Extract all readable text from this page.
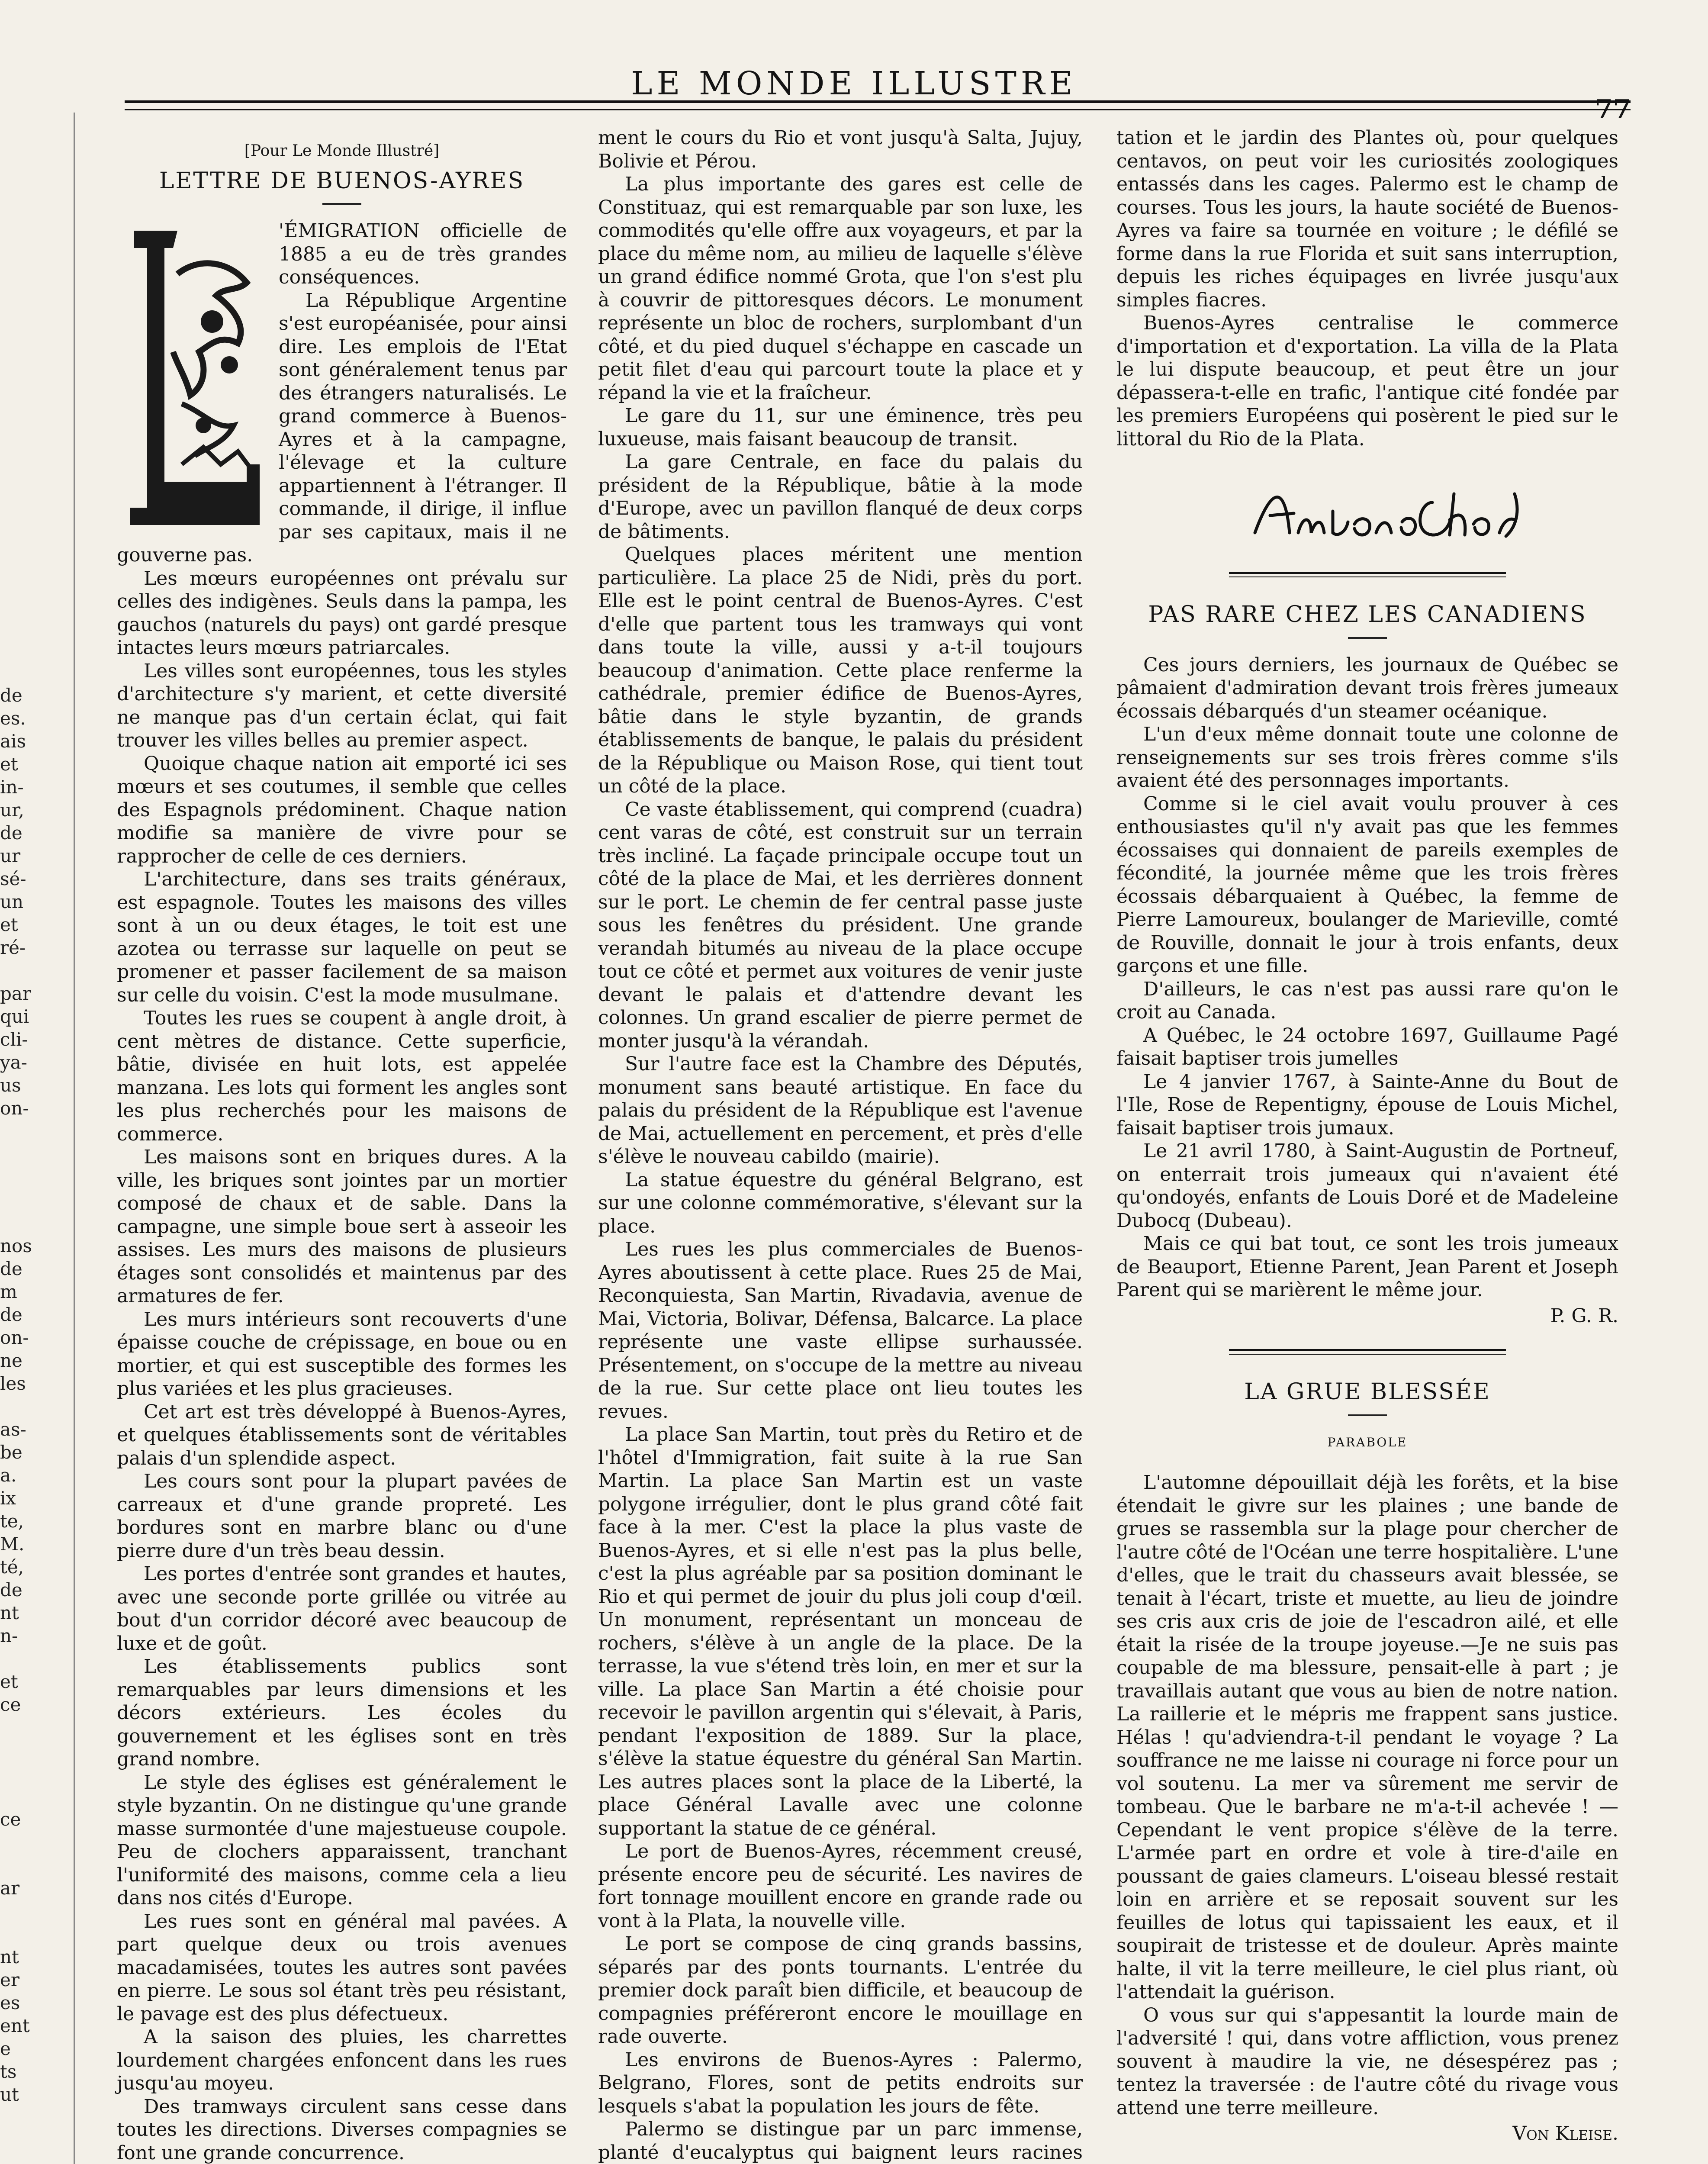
de
es.
ais
et
in-
ur,
de
ur
sé-
un
et
ré-

par
qui
cli-
ya-
us
on-

nos
de
m
de
on-
ne
les

as-
be
a.
ix
te,
M.
té,
de
nt
n-

et
ce

ce

ar

nt
er
es
ent
e
ts
ut
LE MONDE ILLUSTRE
77
[Pour Le Monde Illustré]
LETTRE DE BUENOS-AYRES

'ÉMIGRATION officielle de 1885 a eu de très grandes conséquences.

La République Argentine s'est européanisée, pour ainsi dire. Les emplois de l'Etat sont généralement tenus par des étrangers naturalisés. Le grand commerce à Buenos-Ayres et à la campagne, l'élevage et la culture appartiennent à l'étranger. Il commande, il dirige, il influe par ses capitaux, mais il ne gouverne pas.

Les mœurs européennes ont prévalu sur celles des indigènes. Seuls dans la pampa, les gauchos (naturels du pays) ont gardé presque intactes leurs mœurs patriarcales.

Les villes sont européennes, tous les styles d'architecture s'y marient, et cette diversité ne manque pas d'un certain éclat, qui fait trouver les villes belles au premier aspect.

Quoique chaque nation ait emporté ici ses mœurs et ses coutumes, il semble que celles des Espagnols prédominent. Chaque nation modifie sa manière de vivre pour se rapprocher de celle de ces derniers.

L'architecture, dans ses traits généraux, est espagnole. Toutes les maisons des villes sont à un ou deux étages, le toit est une azotea ou terrasse sur laquelle on peut se promener et passer facilement de sa maison sur celle du voisin. C'est la mode musulmane.

Toutes les rues se coupent à angle droit, à cent mètres de distance. Cette superficie, bâtie, divisée en huit lots, est appelée manzana. Les lots qui forment les angles sont les plus recherchés pour les maisons de commerce.

Les maisons sont en briques dures. A la ville, les briques sont jointes par un mortier composé de chaux et de sable. Dans la campagne, une simple boue sert à asseoir les assises. Les murs des maisons de plusieurs étages sont consolidés et maintenus par des armatures de fer.

Les murs intérieurs sont recouverts d'une épaisse couche de crépissage, en boue ou en mortier, et qui est susceptible des formes les plus variées et les plus gracieuses.

Cet art est très développé à Buenos-Ayres, et quelques établissements sont de véritables palais d'un splendide aspect.

Les cours sont pour la plupart pavées de carreaux et d'une grande propreté. Les bordures sont en marbre blanc ou d'une pierre dure d'un très beau dessin.

Les portes d'entrée sont grandes et hautes, avec une seconde porte grillée ou vitrée au bout d'un corridor décoré avec beaucoup de luxe et de goût.

Les établissements publics sont remarquables par leurs dimensions et les décors extérieurs. Les écoles du gouvernement et les églises sont en très grand nombre.

Le style des églises est généralement le style byzantin. On ne distingue qu'une grande masse surmontée d'une majestueuse coupole. Peu de clochers apparaissent, tranchant l'uniformité des maisons, comme cela a lieu dans nos cités d'Europe.

Les rues sont en général mal pavées. A part quelque deux ou trois avenues macadamisées, toutes les autres sont pavées en pierre. Le sous sol étant très peu résistant, le pavage est des plus défectueux.

A la saison des pluies, les charrettes lourdement chargées enfoncent dans les rues jusqu'au moyeu.

Des tramways circulent sans cesse dans toutes les directions. Diverses compagnies se font une grande concurrence.

ment le cours du Rio et vont jusqu'à Salta, Jujuy, Bolivie et Pérou.

La plus importante des gares est celle de Constituaz, qui est remarquable par son luxe, les commodités qu'elle offre aux voyageurs, et par la place du même nom, au milieu de laquelle s'élève un grand édifice nommé Grota, que l'on s'est plu à couvrir de pittoresques décors. Le monument représente un bloc de rochers, surplombant d'un côté, et du pied duquel s'échappe en cascade un petit filet d'eau qui parcourt toute la place et y répand la vie et la fraîcheur.

Le gare du 11, sur une éminence, très peu luxueuse, mais faisant beaucoup de transit.

La gare Centrale, en face du palais du président de la République, bâtie à la mode d'Europe, avec un pavillon flanqué de deux corps de bâtiments.

Quelques places méritent une mention particulière. La place 25 de Nidi, près du port. Elle est le point central de Buenos-Ayres. C'est d'elle que partent tous les tramways qui vont dans toute la ville, aussi y a-t-il toujours beaucoup d'animation. Cette place renferme la cathédrale, premier édifice de Buenos-Ayres, bâtie dans le style byzantin, de grands établissements de banque, le palais du président de la République ou Maison Rose, qui tient tout un côté de la place.

Ce vaste établissement, qui comprend (cuadra) cent varas de côté, est construit sur un terrain très incliné. La façade principale occupe tout un côté de la place de Mai, et les derrières donnent sur le port. Le chemin de fer central passe juste sous les fenêtres du président. Une grande verandah bitumés au niveau de la place occupe tout ce côté et permet aux voitures de venir juste devant le palais et d'attendre devant les colonnes. Un grand escalier de pierre permet de monter jusqu'à la vérandah.

Sur l'autre face est la Chambre des Députés, monument sans beauté artistique. En face du palais du président de la République est l'avenue de Mai, actuellement en percement, et près d'elle s'élève le nouveau cabildo (mairie).

La statue équestre du général Belgrano, est sur une colonne commémorative, s'élevant sur la place.

Les rues les plus commerciales de Buenos-Ayres aboutissent à cette place. Rues 25 de Mai, Reconquiesta, San Martin, Rivadavia, avenue de Mai, Victoria, Bolivar, Défensa, Balcarce. La place représente une vaste ellipse surhaussée. Présentement, on s'occupe de la mettre au niveau de la rue. Sur cette place ont lieu toutes les revues.

La place San Martin, tout près du Retiro et de l'hôtel d'Immigration, fait suite à la rue San Martin. La place San Martin est un vaste polygone irrégulier, dont le plus grand côté fait face à la mer. C'est la place la plus vaste de Buenos-Ayres, et si elle n'est pas la plus belle, c'est la plus agréable par sa position dominant le Rio et qui permet de jouir du plus joli coup d'œil. Un monument, représentant un monceau de rochers, s'élève à un angle de la place. De la terrasse, la vue s'étend très loin, en mer et sur la ville. La place San Martin a été choisie pour recevoir le pavillon argentin qui s'élevait, à Paris, pendant l'exposition de 1889. Sur la place, s'élève la statue équestre du général San Martin. Les autres places sont la place de la Liberté, la place Général Lavalle avec une colonne supportant la statue de ce général.

Le port de Buenos-Ayres, récemment creusé, présente encore peu de sécurité. Les navires de fort tonnage mouillent encore en grande rade ou vont à la Plata, la nouvelle ville.

Le port se compose de cinq grands bassins, séparés par des ponts tournants. L'entrée du premier dock paraît bien difficile, et beaucoup de compagnies préféreront encore le mouillage en rade ouverte.

Les environs de Buenos-Ayres : Palermo, Belgrano, Flores, sont de petits endroits sur lesquels s'abat la population les jours de fête.

Palermo se distingue par un parc immense, planté d'eucalyptus qui baignent leurs racines

tation et le jardin des Plantes où, pour quelques centavos, on peut voir les curiosités zoologiques entassés dans les cages. Palermo est le champ de courses. Tous les jours, la haute société de Buenos-Ayres va faire sa tournée en voiture ; le défilé se forme dans la rue Florida et suit sans interruption, depuis les riches équipages en livrée jusqu'aux simples fiacres.

Buenos-Ayres centralise le commerce d'importation et d'exportation. La villa de la Plata le lui dispute beaucoup, et peut être un jour dépassera-t-elle en trafic, l'antique cité fondée par les premiers Européens qui posèrent le pied sur le littoral du Rio de la Plata.

PAS RARE CHEZ LES CANADIENS

Ces jours derniers, les journaux de Québec se pâmaient d'admiration devant trois frères jumeaux écossais débarqués d'un steamer océanique.

L'un d'eux même donnait toute une colonne de renseignements sur ses trois frères comme s'ils avaient été des personnages importants.

Comme si le ciel avait voulu prouver à ces enthousiastes qu'il n'y avait pas que les femmes écossaises qui donnaient de pareils exemples de fécondité, la journée même que les trois frères écossais débarquaient à Québec, la femme de Pierre Lamoureux, boulanger de Marieville, comté de Rouville, donnait le jour à trois enfants, deux garçons et une fille.

D'ailleurs, le cas n'est pas aussi rare qu'on le croit au Canada.

A Québec, le 24 octobre 1697, Guillaume Pagé faisait baptiser trois jumelles

Le 4 janvier 1767, à Sainte-Anne du Bout de l'Ile, Rose de Repentigny, épouse de Louis Michel, faisait baptiser trois jumaux.

Le 21 avril 1780, à Saint-Augustin de Portneuf, on enterrait trois jumeaux qui n'avaient été qu'ondoyés, enfants de Louis Doré et de Madeleine Dubocq (Dubeau).

Mais ce qui bat tout, ce sont les trois jumeaux de Beauport, Etienne Parent, Jean Parent et Joseph Parent qui se marièrent le même jour.

P. G. R.
LA GRUE BLESSÉE
PARABOLE

L'automne dépouillait déjà les forêts, et la bise étendait le givre sur les plaines ; une bande de grues se rassembla sur la plage pour chercher de l'autre côté de l'Océan une terre hospitalière. L'une d'elles, que le trait du chasseurs avait blessée, se tenait à l'écart, triste et muette, au lieu de joindre ses cris aux cris de joie de l'escadron ailé, et elle était la risée de la troupe joyeuse.—Je ne suis pas coupable de ma blessure, pensait-elle à part ; je travaillais autant que vous au bien de notre nation. La raillerie et le mépris me frappent sans justice. Hélas ! qu'adviendra-t-il pendant le voyage ? La souffrance ne me laisse ni courage ni force pour un vol soutenu. La mer va sûrement me servir de tombeau. Que le barbare ne m'a-t-il achevée ! —Cependant le vent propice s'élève de la terre. L'armée part en ordre et vole à tire-d'aile en poussant de gaies clameurs. L'oiseau blessé restait loin en arrière et se reposait souvent sur les feuilles de lotus qui tapissaient les eaux, et il soupirait de tristesse et de douleur. Après mainte halte, il vit la terre meilleure, le ciel plus riant, où l'attendait la guérison.

O vous sur qui s'appesantit la lourde main de l'adversité ! qui, dans votre affliction, vous prenez souvent à maudire la vie, ne désespérez pas ; tentez la traversée : de l'autre côté du rivage vous attend une terre meilleure.

Von Kleise.
